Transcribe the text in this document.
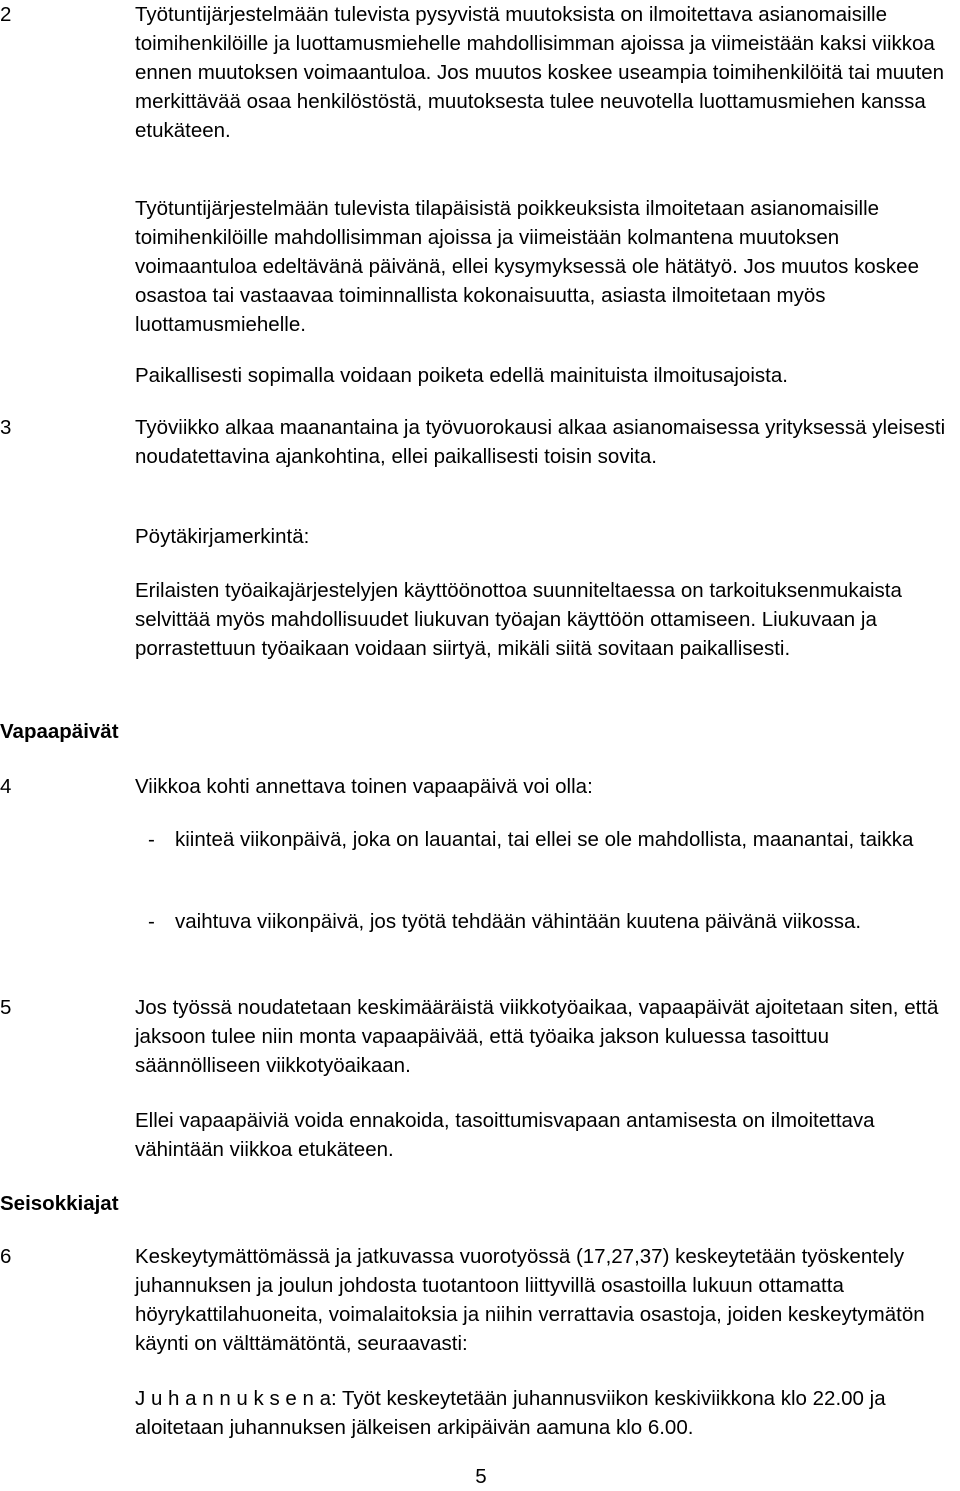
2	Työtuntijärjestelmään tulevista pysyvistä muutoksista on ilmoitettava asianomaisille toimihenkilöille ja luottamusmiehelle mahdollisimman ajoissa ja viimeistään kaksi viikkoa ennen muutoksen voimaantuloa. Jos muutos koskee useampia toimihenkilöitä tai muuten merkittävää osaa henkilöstöstä, muutoksesta tulee neuvotella luottamusmiehen kanssa etukäteen.
Työtuntijärjestelmään tulevista tilapäisistä poikkeuksista ilmoitetaan asianomaisille toimihenkilöille mahdollisimman ajoissa ja viimeistään kolmantena muutoksen voimaantuloa edeltävänä päivänä, ellei kysymyksessä ole hätätyö. Jos muutos koskee osastoa tai vastaavaa toiminnallista kokonaisuutta, asiasta ilmoitetaan myös luottamusmiehelle.
Paikallisesti sopimalla voidaan poiketa edellä mainituista ilmoitusajoista.
3	Työviikko alkaa maanantaina ja työvuorokausi alkaa asianomaisessa yrityksessä yleisesti noudatettavina ajankohtina, ellei paikallisesti toisin sovita.
Pöytäkirjamerkintä:
Erilaisten työaikajärjestelyjen käyttöönottoa suunniteltaessa on tarkoituksenmukaista selvittää myös mahdollisuudet liukuvan työajan käyttöön ottamiseen. Liukuvaan ja porrastettuun työaikaan voidaan siirtyä, mikäli siitä sovitaan paikallisesti.
Vapaapäivät
4	Viikkoa kohti annettava toinen vapaapäivä voi olla:
- kiinteä viikonpäivä, joka on lauantai, tai ellei se ole mahdollista, maanantai, taikka
- vaihtuva viikonpäivä, jos työtä tehdään vähintään kuutena päivänä viikossa.
5	Jos työssä noudatetaan keskimääräistä viikkotyöaikaa, vapaapäivät ajoitetaan siten, että jaksoon tulee niin monta vapaapäivää, että työaika jakson kuluessa tasoittuu säännölliseen viikkotyöaikaan.
Ellei vapaapäiviä voida ennakoida, tasoittumisvapaan antamisesta on ilmoitettava vähintään viikkoa etukäteen.
Seisokkiajat
6	Keskeytymättömässä ja jatkuvassa vuorotyössä (17,27,37) keskeytetään työskentely juhannuksen ja joulun johdosta tuotantoon liittyvillä osastoilla lukuun ottamatta höyrykattilahuoneita, voimalaitoksia ja niihin verrattavia osastoja, joiden keskeytymätön käynti on välttämätöntä, seuraavasti:
J u h a n n u k s e n a: Työt keskeytetään juhannusviikon keskiviikkona klo 22.00 ja aloitetaan juhannuksen jälkeisen arkipäivän aamuna klo 6.00.
5
